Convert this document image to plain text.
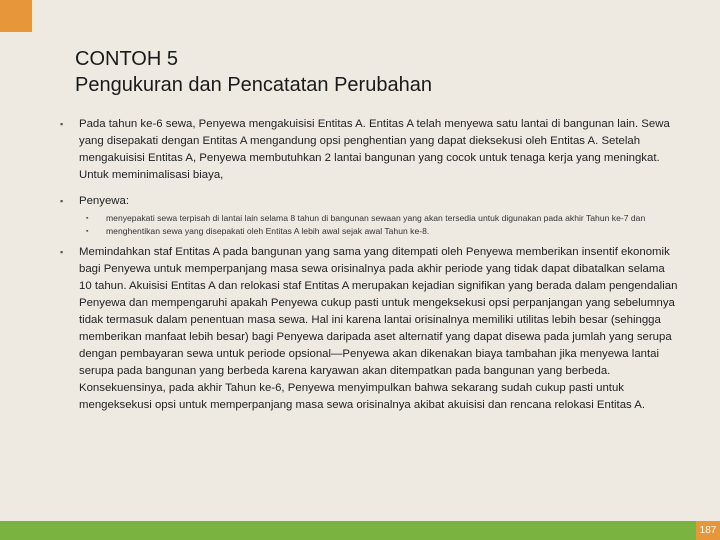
CONTOH 5
Pengukuran dan Pencatatan Perubahan
▪ Pada tahun ke-6 sewa, Penyewa mengakuisisi Entitas A. Entitas A telah menyewa satu lantai di bangunan lain. Sewa yang disepakati dengan Entitas A mengandung opsi penghentian yang dapat dieksekusi oleh Entitas A. Setelah mengakuisisi Entitas A, Penyewa membutuhkan 2 lantai bangunan yang cocok untuk tenaga kerja yang meningkat. Untuk meminimalisasi biaya,
▪ Penyewa:
▪ menyepakati sewa terpisah di lantai lain selama 8 tahun di bangunan sewaan yang akan tersedia untuk digunakan pada akhir Tahun ke-7 dan
▪ menghentikan sewa yang disepakati oleh Entitas A lebih awal sejak awal Tahun ke-8.
▪ Memindahkan staf Entitas A pada bangunan yang sama yang ditempati oleh Penyewa memberikan insentif ekonomik bagi Penyewa untuk memperpanjang masa sewa orisinalnya pada akhir periode yang tidak dapat dibatalkan selama 10 tahun. Akuisisi Entitas A dan relokasi staf Entitas A merupakan kejadian signifikan yang berada dalam pengendalian Penyewa dan mempengaruhi apakah Penyewa cukup pasti untuk mengeksekusi opsi perpanjangan yang sebelumnya tidak termasuk dalam penentuan masa sewa. Hal ini karena lantai orisinalnya memiliki utilitas lebih besar (sehingga memberikan manfaat lebih besar) bagi Penyewa daripada aset alternatif yang dapat disewa pada jumlah yang serupa dengan pembayaran sewa untuk periode opsional—Penyewa akan dikenakan biaya tambahan jika menyewa lantai serupa pada bangunan yang berbeda karena karyawan akan ditempatkan pada bangunan yang berbeda. Konsekuensinya, pada akhir Tahun ke-6, Penyewa menyimpulkan bahwa sekarang sudah cukup pasti untuk mengeksekusi opsi untuk memperpanjang masa sewa orisinalnya akibat akuisisi dan rencana relokasi Entitas A.
187
